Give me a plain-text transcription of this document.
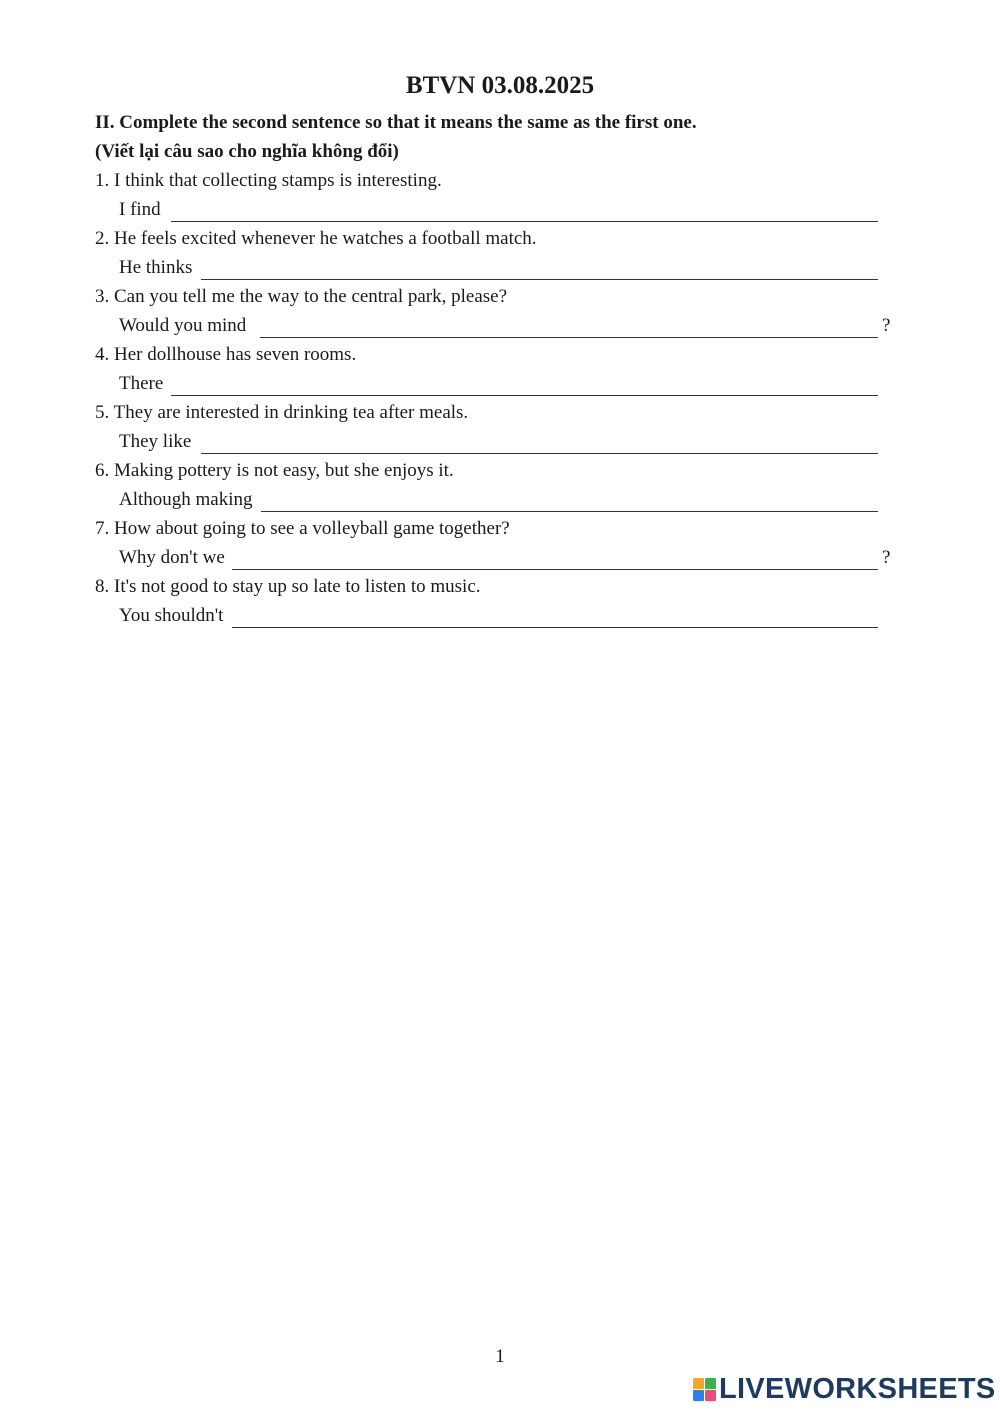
BTVN 03.08.2025
II. Complete the second sentence so that it means the same as the first one.
(Viết lại câu sao cho nghĩa không đổi)
1. I think that collecting stamps is interesting.
I find
2. He feels excited whenever he watches a football match.
He thinks
3. Can you tell me the way to the central park, please?
Would you mind	?
4. Her dollhouse has seven rooms.
There
5. They are interested in drinking tea after meals.
They like
6. Making pottery is not easy, but she enjoys it.
Although making
7. How about going to see a volleyball game together?
Why don't we	?
8. It's not good to stay up so late to listen to music.
You shouldn't
1
LIVEWORKSHEETS
